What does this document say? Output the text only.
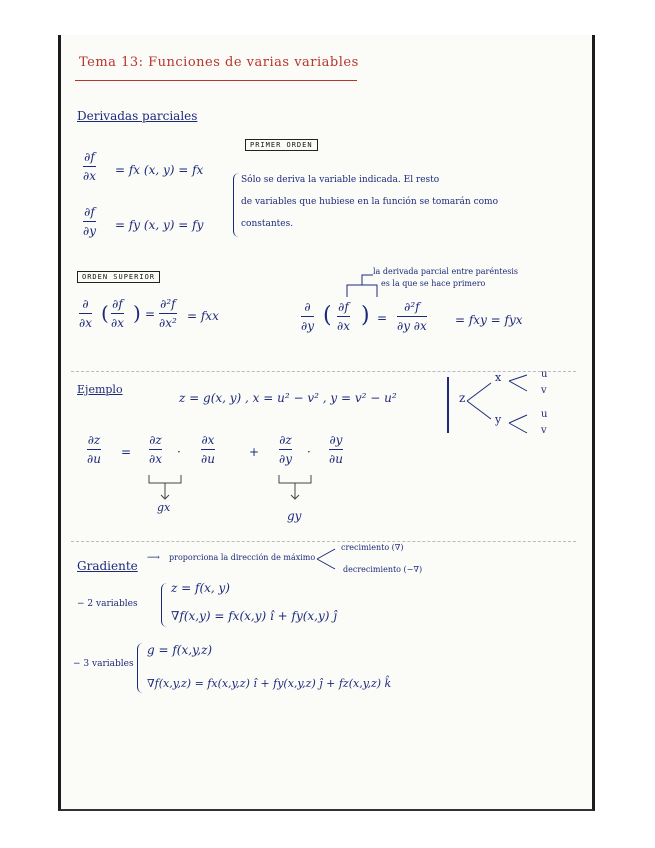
Tema 13: Funciones de varias variables
Derivadas parciales
PRIMER ORDEN
∂f
∂x = fx (x, y) = fx
∂f
∂y = fy (x, y) = fy
Sólo se deriva la variable indicada. El resto
de variables que hubiese en la función se tomarán como
constantes.
ORDEN SUPERIOR
∂
∂x ( ∂f
∂x ) =
∂²f
∂x² = fxx
la derivada parcial entre paréntesis
es la que se hace primero
∂
∂y ( ∂f
∂x ) =
∂²f
∂y ∂x = fxy = fyx
Ejemplo
z = g(x, y) , x = u² − v² , y = v² − u²	z
x
y
u
v
u
v
∂z
∂u =
∂z
∂x ·
∂x
∂u	+
∂z
∂y ·
∂y
∂u
gx
gy
Gradiente
⟶ proporciona la dirección de máximo
crecimiento (∇)
decrecimiento (−∇)
− 2 variables
z = f(x, y)
∇f(x,y) = fx(x,y) î + fy(x,y) ĵ
− 3 variables
g = f(x,y,z)
∇f(x,y,z) = fx(x,y,z) î + fy(x,y,z) ĵ + fz(x,y,z) k̂
